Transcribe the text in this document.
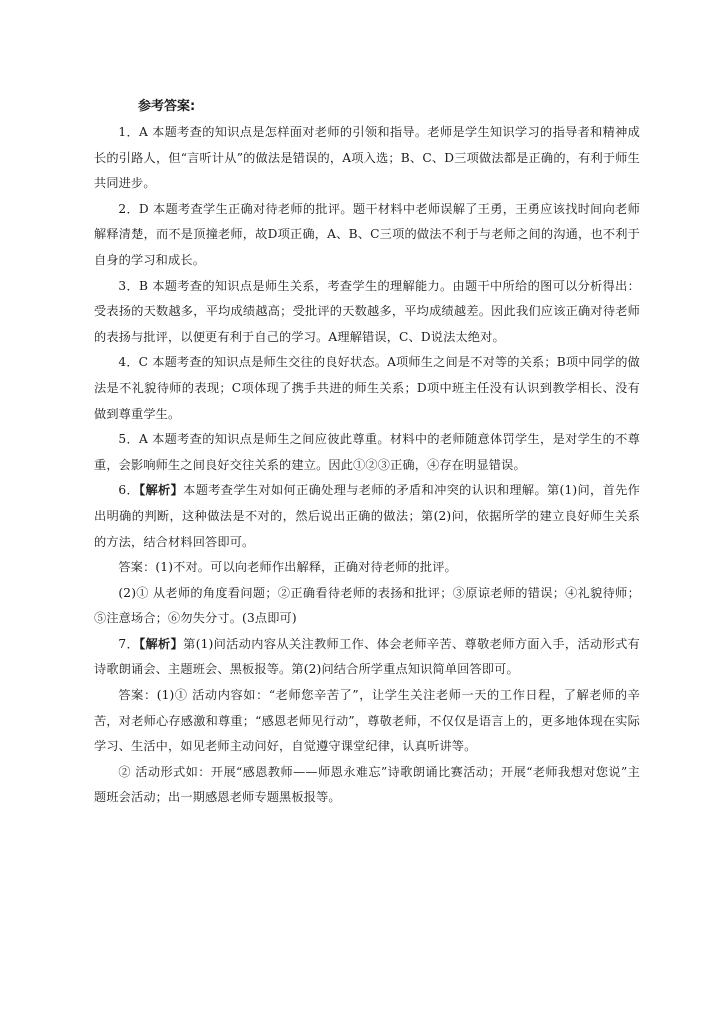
参考答案:

1．A 本题考查的知识点是怎样面对老师的引领和指导。老师是学生知识学习的指导者和精神成长的引路人，但“言听计从”的做法是错误的，A项入选；B、C、D三项做法都是正确的，有利于师生共同进步。

2．D 本题考查学生正确对待老师的批评。题干材料中老师误解了王勇，王勇应该找时间向老师解释清楚，而不是顶撞老师，故D项正确，A、B、C三项的做法不利于与老师之间的沟通，也不利于自身的学习和成长。

3．B 本题考查的知识点是师生关系，考查学生的理解能力。由题干中所给的图可以分析得出：受表扬的天数越多，平均成绩越高；受批评的天数越多，平均成绩越差。因此我们应该正确对待老师的表扬与批评，以便更有利于自己的学习。A理解错误，C、D说法太绝对。

4．C 本题考查的知识点是师生交往的良好状态。A项师生之间是不对等的关系；B项中同学的做法是不礼貌待师的表现；C项体现了携手共进的师生关系；D项中班主任没有认识到教学相长、没有做到尊重学生。

5．A 本题考查的知识点是师生之间应彼此尊重。材料中的老师随意体罚学生，是对学生的不尊重，会影响师生之间良好交往关系的建立。因此①②③正确，④存在明显错误。

6．【解析】本题考查学生对如何正确处理与老师的矛盾和冲突的认识和理解。第(1)问，首先作出明确的判断，这种做法是不对的，然后说出正确的做法；第(2)问，依据所学的建立良好师生关系的方法，结合材料回答即可。

答案：(1)不对。可以向老师作出解释，正确对待老师的批评。

(2)① 从老师的角度看问题；②正确看待老师的表扬和批评；③原谅老师的错误；④礼貌待师；⑤注意场合；⑥勿失分寸。(3点即可)

7．【解析】第(1)问活动内容从关注教师工作、体会老师辛苦、尊敬老师方面入手，活动形式有诗歌朗诵会、主题班会、黑板报等。第(2)问结合所学重点知识简单回答即可。

答案：(1)① 活动内容如：“老师您辛苦了”，让学生关注老师一天的工作日程，了解老师的辛苦，对老师心存感激和尊重；“感恩老师见行动”，尊敬老师，不仅仅是语言上的，更多地体现在实际学习、生活中，如见老师主动问好，自觉遵守课堂纪律，认真听讲等。

② 活动形式如：开展“感恩教师——师恩永难忘”诗歌朗诵比赛活动；开展“老师我想对您说”主题班会活动；出一期感恩老师专题黑板报等。
